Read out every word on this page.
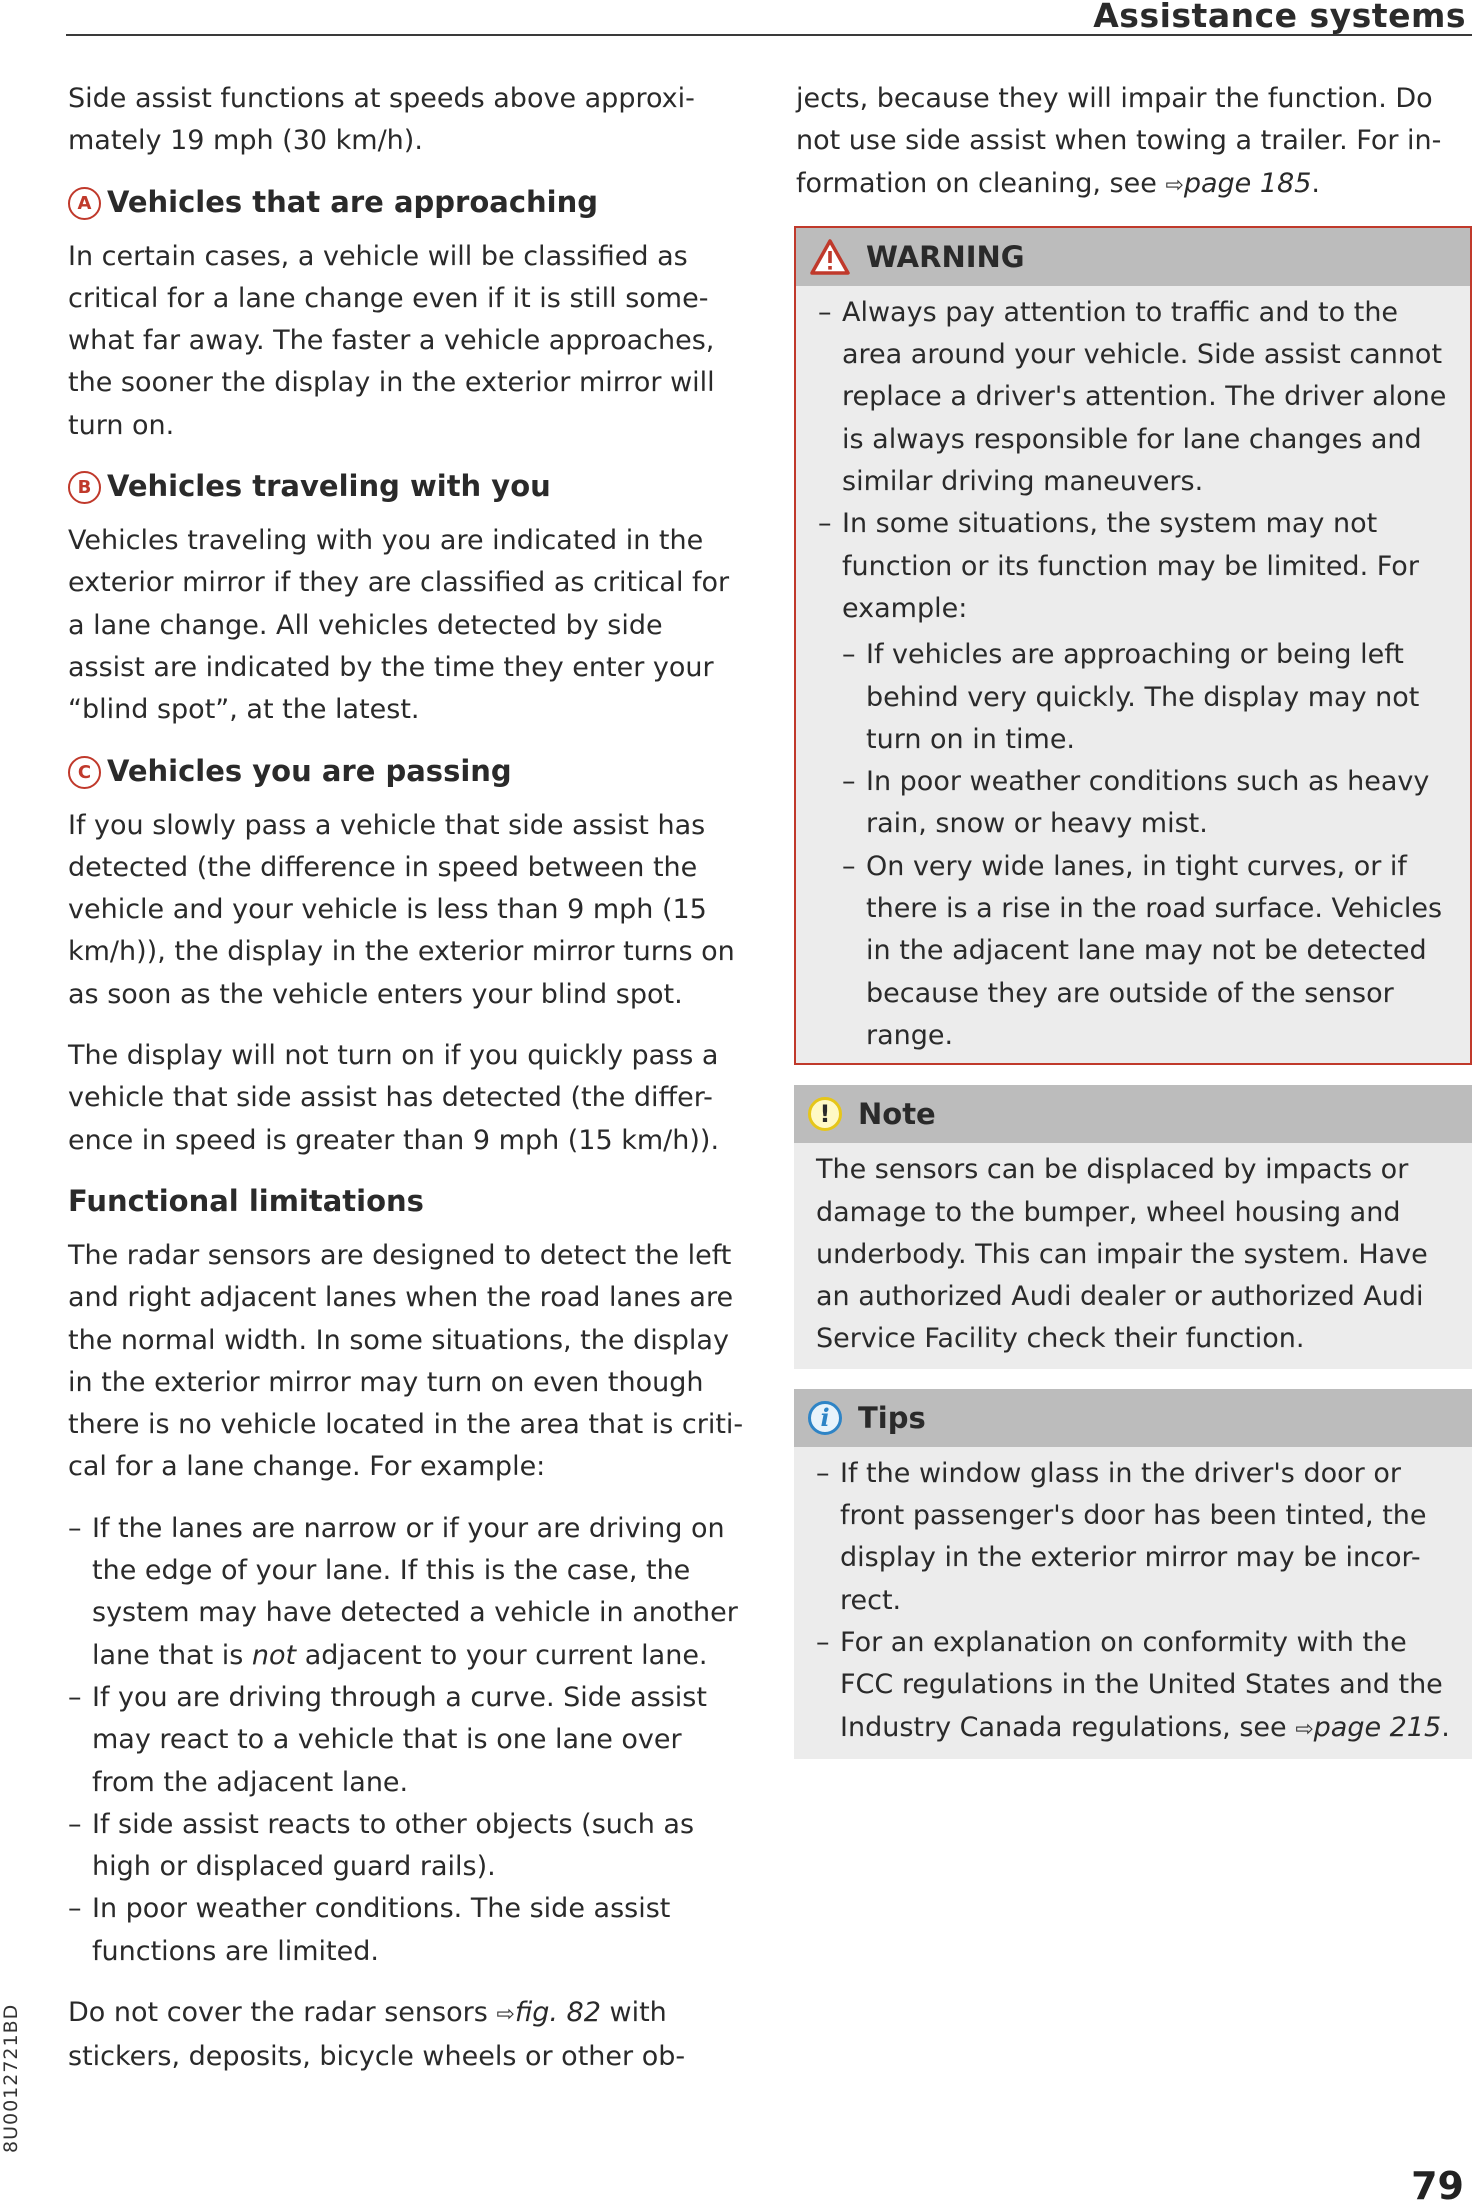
Assistance systems

Side assist functions at speeds above approxi-mately 19 mph (30 km/h).

A Vehicles that are approaching

In certain cases, a vehicle will be classified as critical for a lane change even if it is still some-what far away. The faster a vehicle approaches, the sooner the display in the exterior mirror will turn on.

B Vehicles traveling with you

Vehicles traveling with you are indicated in the exterior mirror if they are classified as critical for a lane change. All vehicles detected by side assist are indicated by the time they enter your “blind spot”, at the latest.

C Vehicles you are passing

If you slowly pass a vehicle that side assist has detected (the difference in speed between the vehicle and your vehicle is less than 9 mph (15 km/h)), the display in the exterior mirror turns on as soon as the vehicle enters your blind spot.

The display will not turn on if you quickly pass a vehicle that side assist has detected (the differ-ence in speed is greater than 9 mph (15 km/h)).

Functional limitations

The radar sensors are designed to detect the left and right adjacent lanes when the road lanes are the normal width. In some situations, the display in the exterior mirror may turn on even though there is no vehicle located in the area that is criti-cal for a lane change. For example:

– If the lanes are narrow or if your are driving on the edge of your lane. If this is the case, the system may have detected a vehicle in another lane that is not adjacent to your current lane.
– If you are driving through a curve. Side assist may react to a vehicle that is one lane over from the adjacent lane.
– If side assist reacts to other objects (such as high or displaced guard rails).
– In poor weather conditions. The side assist functions are limited.

Do not cover the radar sensors ⇨fig. 82 with stickers, deposits, bicycle wheels or other ob-

jects, because they will impair the function. Do not use side assist when towing a trailer. For in-formation on cleaning, see ⇨page 185.

WARNING
– Always pay attention to traffic and to the area around your vehicle. Side assist cannot replace a driver's attention. The driver alone is always responsible for lane changes and similar driving maneuvers.
– In some situations, the system may not function or its function may be limited. For example:
– If vehicles are approaching or being left behind very quickly. The display may not turn on in time.
– In poor weather conditions such as heavy rain, snow or heavy mist.
– On very wide lanes, in tight curves, or if there is a rise in the road surface. Vehicles in the adjacent lane may not be detected because they are outside of the sensor range.
! Note

The sensors can be displaced by impacts or damage to the bumper, wheel housing and underbody. This can impair the system. Have an authorized Audi dealer or authorized Audi Service Facility check their function.

i Tips
– If the window glass in the driver's door or front passenger's door has been tinted, the display in the exterior mirror may be incor-rect.
– For an explanation on conformity with the FCC regulations in the United States and the Industry Canada regulations, see ⇨page 215.
8U0012721BD
79
